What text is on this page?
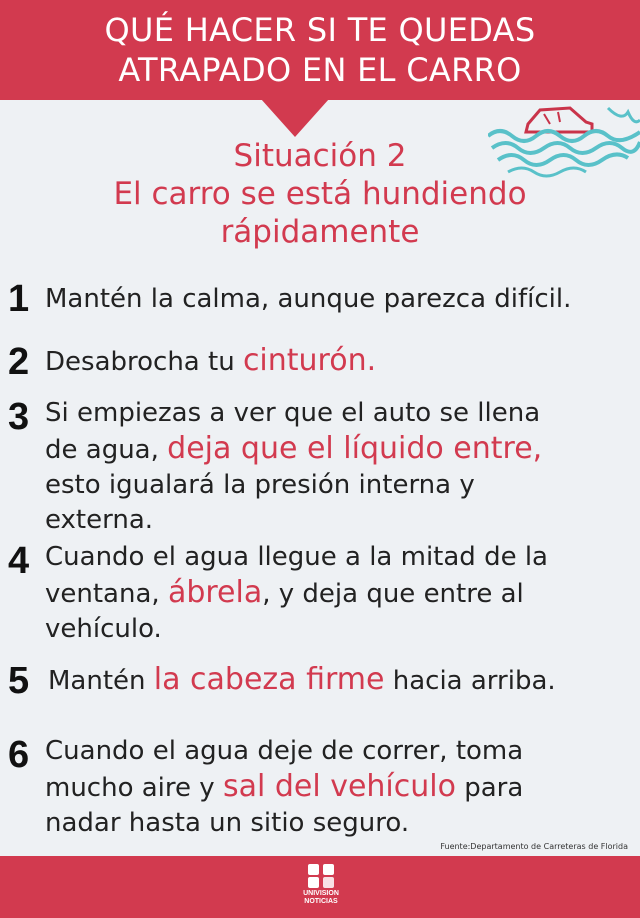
QUÉ HACER SI TE QUEDAS
ATRAPADO EN EL CARRO
Situación 2
El carro se está hundiendo
rápidamente
1 Mantén la calma, aunque parezca difícil.
2 Desabrocha tu cinturón.
3 Si empiezas a ver que el auto se llena de agua, deja que el líquido entre, esto igualará la presión interna y externa.
4 Cuando el agua llegue a la mitad de la ventana, ábrela, y deja que entre al vehículo.
5 Mantén la cabeza firme hacia arriba.
6 Cuando el agua deje de correr, toma mucho aire y sal del vehículo para nadar hasta un sitio seguro.
Fuente:Departamento de Carreteras de Florida
UNIVISION
NOTICIAS
